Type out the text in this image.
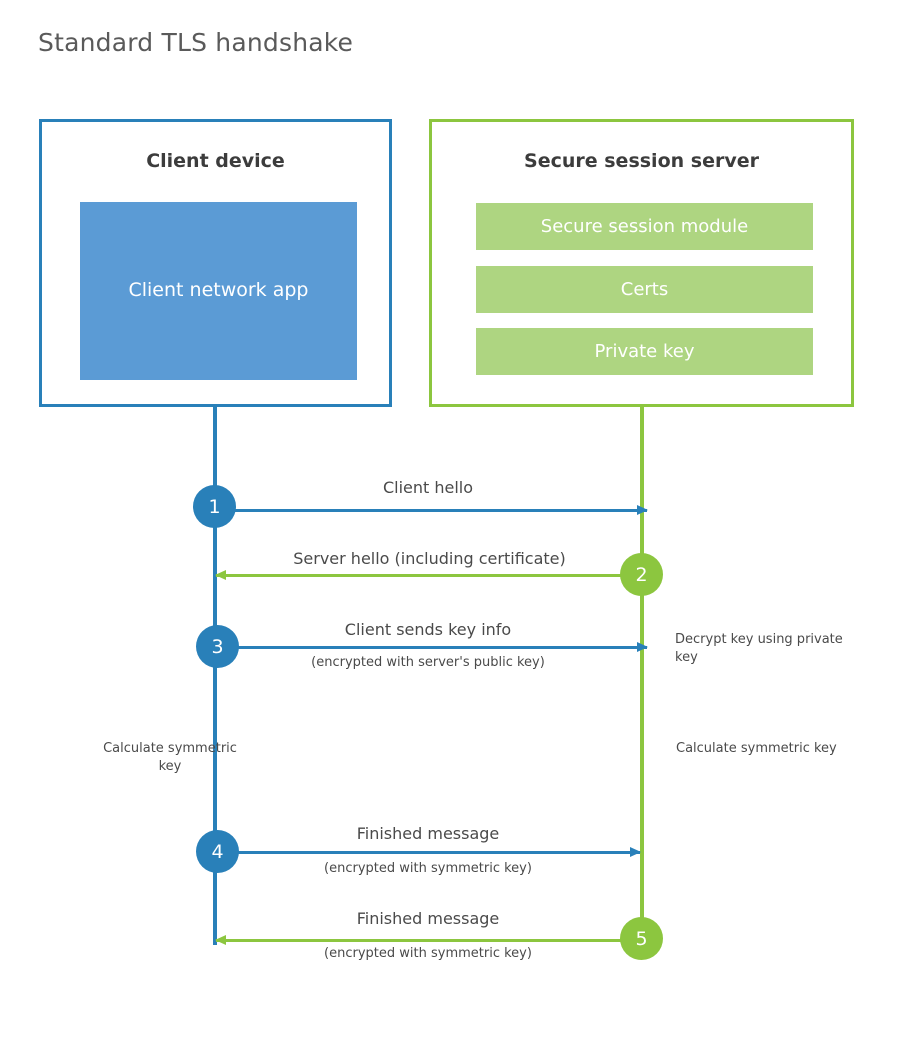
Standard TLS handshake
Client device
Client network app
Secure session server
Secure session module
Certs
Private key
Client hello
1
Server hello (including certificate)
2
Client sends key info
(encrypted with server's public key)
3
Finished message
(encrypted with symmetric key)
4
Finished message
(encrypted with symmetric key)
5
Decrypt key using private key
Calculate symmetric key
Calculate symmetric key
